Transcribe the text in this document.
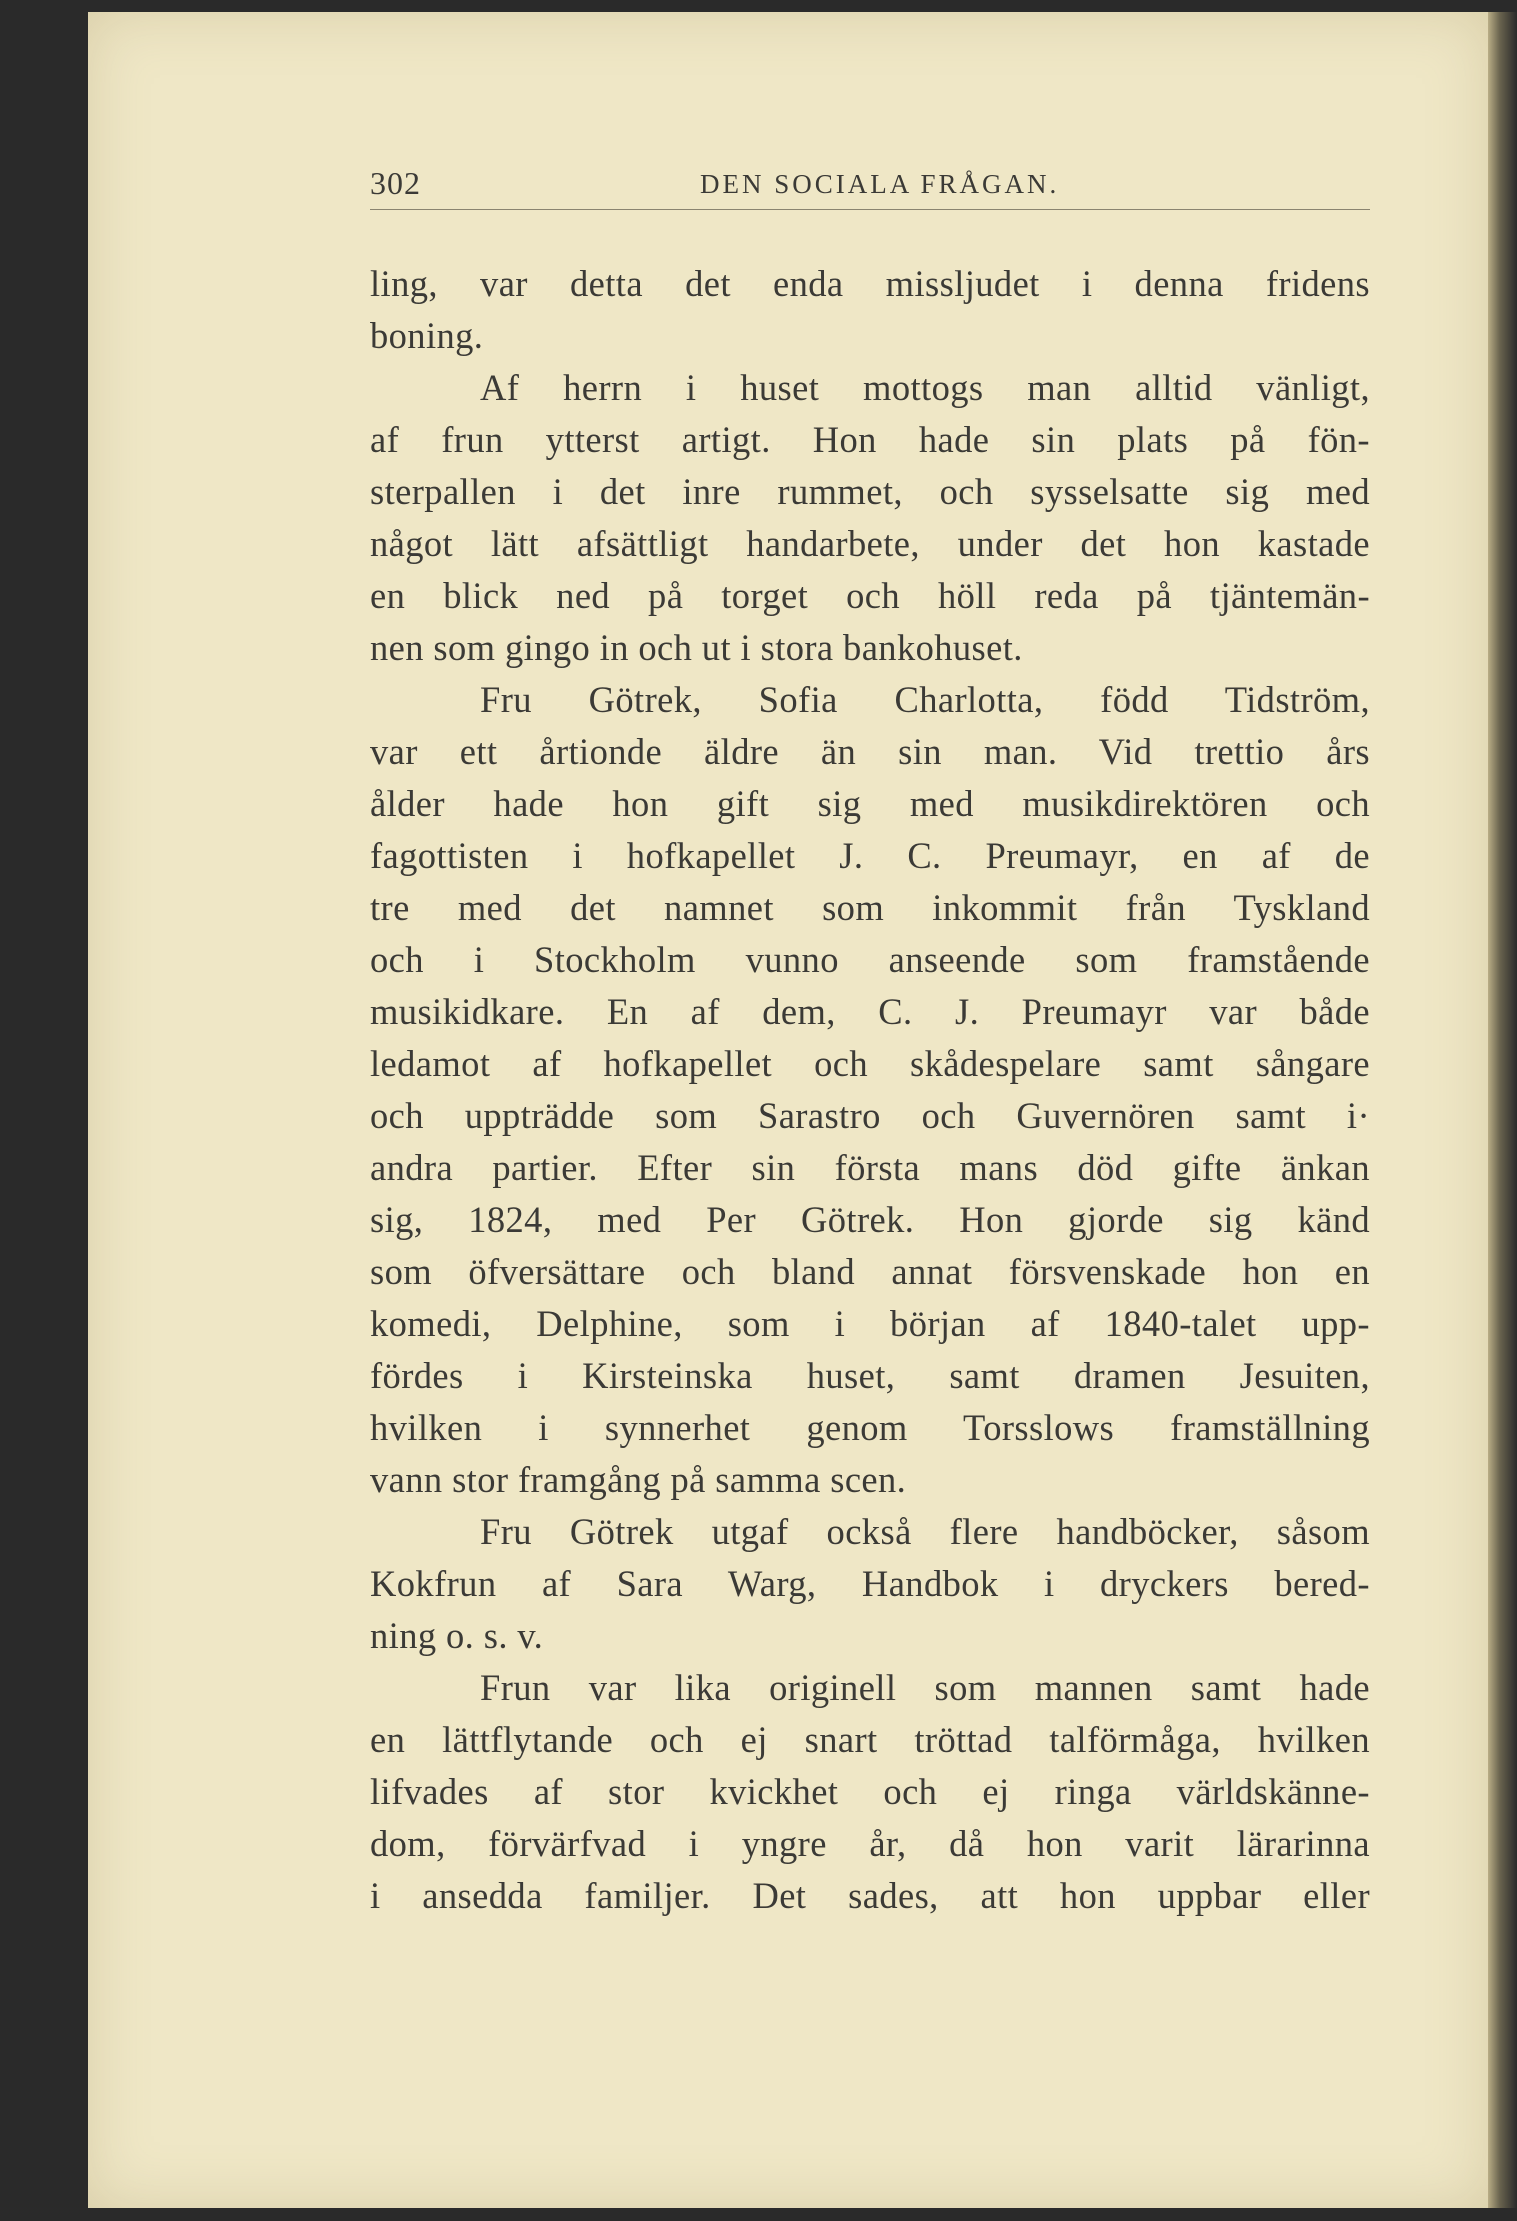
302	DEN SOCIALA FRÅGAN.
ling, var detta det enda missljudet i denna fridens
boning.
Af herrn i huset mottogs man alltid vänligt,
af frun ytterst artigt. Hon hade sin plats på fön-
sterpallen i det inre rummet, och sysselsatte sig med
något lätt afsättligt handarbete, under det hon kastade
en blick ned på torget och höll reda på tjäntemän-
nen som gingo in och ut i stora bankohuset.
Fru Götrek, Sofia Charlotta, född Tidström,
var ett årtionde äldre än sin man. Vid trettio års
ålder hade hon gift sig med musikdirektören och
fagottisten i hofkapellet J. C. Preumayr, en af de
tre med det namnet som inkommit från Tyskland
och i Stockholm vunno anseende som framstående
musikidkare. En af dem, C. J. Preumayr var både
ledamot af hofkapellet och skådespelare samt sångare
och uppträdde som Sarastro och Guvernören samt i·
andra partier. Efter sin första mans död gifte änkan
sig, 1824, med Per Götrek. Hon gjorde sig känd
som öfversättare och bland annat försvenskade hon en
komedi, Delphine, som i början af 1840-talet upp-
fördes i Kirsteinska huset, samt dramen Jesuiten,
hvilken i synnerhet genom Torsslows framställning
vann stor framgång på samma scen.
Fru Götrek utgaf också flere handböcker, såsom
Kokfrun af Sara Warg, Handbok i dryckers bered-
ning o. s. v.
Frun var lika originell som mannen samt hade
en lättflytande och ej snart tröttad talförmåga, hvilken
lifvades af stor kvickhet och ej ringa världskänne-
dom, förvärfvad i yngre år, då hon varit lärarinna
i ansedda familjer. Det sades, att hon uppbar eller
